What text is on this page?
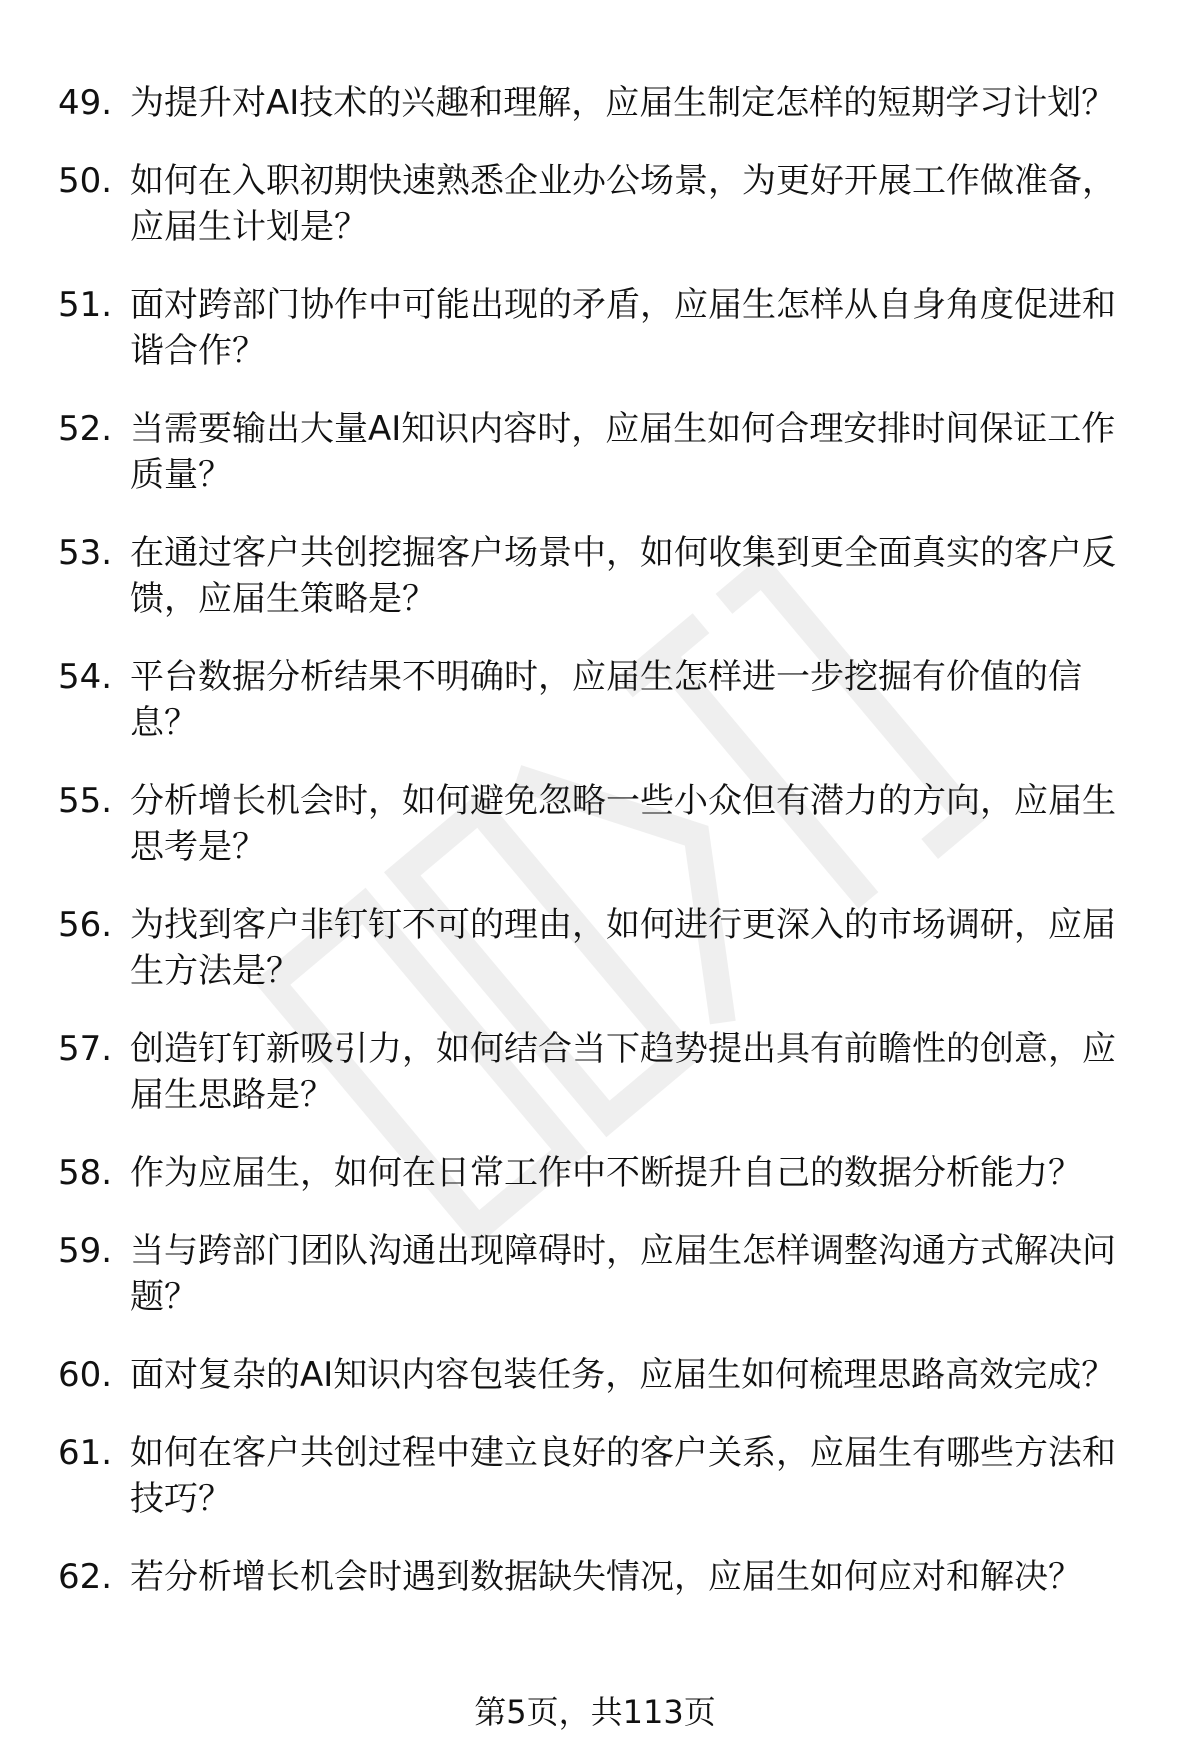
49. 为提升对AI技术的兴趣和理解，应届生制定怎样的短期学习计划？
50. 如何在入职初期快速熟悉企业办公场景，为更好开展工作做准备，应届生计划是？
51. 面对跨部门协作中可能出现的矛盾，应届生怎样从自身角度促进和谐合作？
52. 当需要输出大量AI知识内容时，应届生如何合理安排时间保证工作质量？
53. 在通过客户共创挖掘客户场景中，如何收集到更全面真实的客户反馈，应届生策略是？
54. 平台数据分析结果不明确时，应届生怎样进一步挖掘有价值的信息？
55. 分析增长机会时，如何避免忽略一些小众但有潜力的方向，应届生思考是？
56. 为找到客户非钉钉不可的理由，如何进行更深入的市场调研，应届生方法是？
57. 创造钉钉新吸引力，如何结合当下趋势提出具有前瞻性的创意，应届生思路是？
58. 作为应届生，如何在日常工作中不断提升自己的数据分析能力？
59. 当与跨部门团队沟通出现障碍时，应届生怎样调整沟通方式解决问题？
60. 面对复杂的AI知识内容包装任务，应届生如何梳理思路高效完成？
61. 如何在客户共创过程中建立良好的客户关系，应届生有哪些方法和技巧？
62. 若分析增长机会时遇到数据缺失情况，应届生如何应对和解决？
第5页，共113页
